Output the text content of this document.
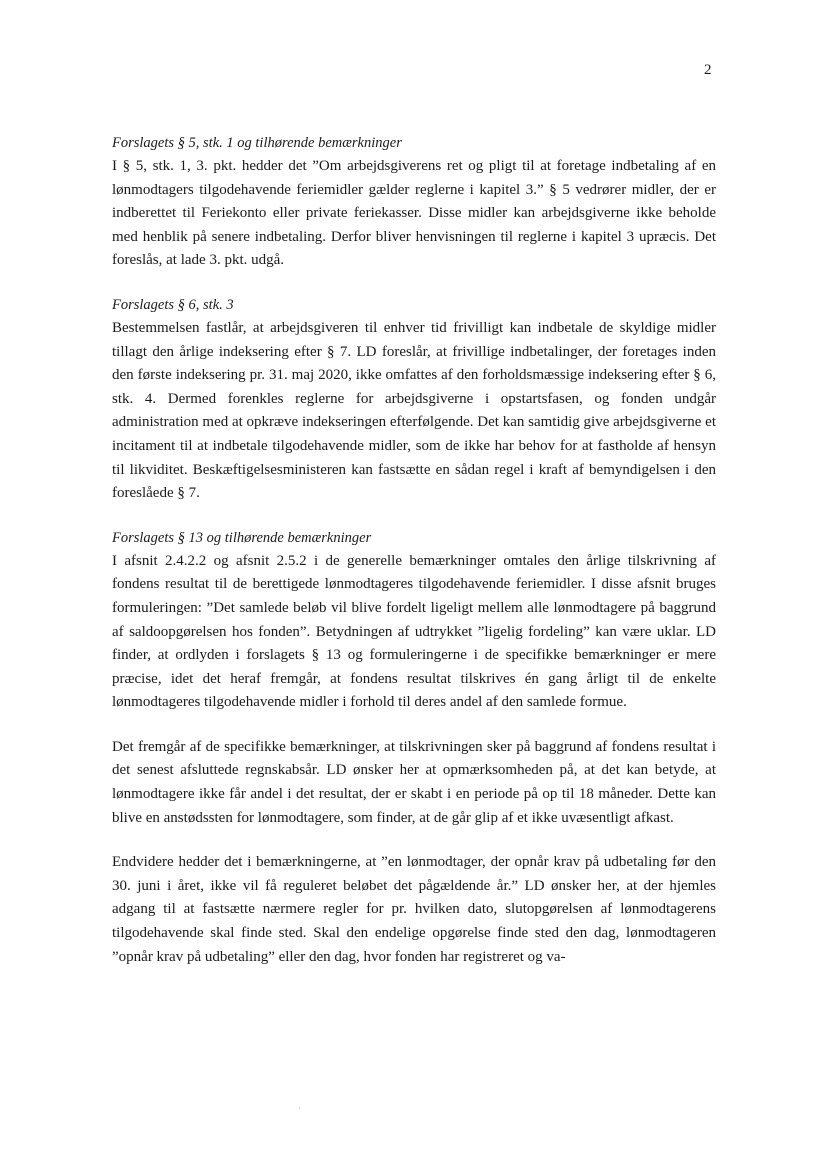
2

Forslagets § 5, stk. 1 og tilhørende bemærkninger

I § 5, stk. 1, 3. pkt. hedder det ”Om arbejdsgiverens ret og pligt til at foretage indbetaling af en lønmodtagers tilgodehavende feriemidler gælder reglerne i kapitel 3.” § 5 vedrører midler, der er indberettet til Feriekonto eller private feriekasser. Disse midler kan arbejdsgiverne ikke beholde med henblik på senere indbetaling. Derfor bliver henvisningen til reglerne i kapitel 3 upræcis. Det foreslås, at lade 3. pkt. udgå.

Forslagets § 6, stk. 3

Bestemmelsen fastlår, at arbejdsgiveren til enhver tid frivilligt kan indbetale de skyldige midler tillagt den årlige indeksering efter § 7. LD foreslår, at frivillige indbetalinger, der foretages inden den første indeksering pr. 31. maj 2020, ikke omfattes af den forholdsmæssige indeksering efter § 6, stk. 4. Dermed forenkles reglerne for arbejdsgiverne i opstartsfasen, og fonden undgår administration med at opkræve indekseringen efterfølgende. Det kan samtidig give arbejdsgiverne et incitament til at indbetale tilgodehavende midler, som de ikke har behov for at fastholde af hensyn til likviditet. Beskæftigelsesministeren kan fastsætte en sådan regel i kraft af bemyndigelsen i den foreslåede § 7.

Forslagets § 13 og tilhørende bemærkninger

I afsnit 2.4.2.2 og afsnit 2.5.2 i de generelle bemærkninger omtales den årlige tilskrivning af fondens resultat til de berettigede lønmodtageres tilgodehavende feriemidler. I disse afsnit bruges formuleringen: ”Det samlede beløb vil blive fordelt ligeligt mellem alle lønmodtagere på baggrund af saldoopgørelsen hos fonden”. Betydningen af udtrykket ”ligelig fordeling” kan være uklar. LD finder, at ordlyden i forslagets § 13 og formuleringerne i de specifikke bemærkninger er mere præcise, idet det heraf fremgår, at fondens resultat tilskrives én gang årligt til de enkelte lønmodtageres tilgodehavende midler i forhold til deres andel af den samlede formue.

Det fremgår af de specifikke bemærkninger, at tilskrivningen sker på baggrund af fondens resultat i det senest afsluttede regnskabsår. LD ønsker her at opmærksomheden på, at det kan betyde, at lønmodtagere ikke får andel i det resultat, der er skabt i en periode på op til 18 måneder. Dette kan blive en anstødssten for lønmodtagere, som finder, at de går glip af et ikke uvæsentligt afkast.

Endvidere hedder det i bemærkningerne, at ”en lønmodtager, der opnår krav på udbetaling før den 30. juni i året, ikke vil få reguleret beløbet det pågældende år.” LD ønsker her, at der hjemles adgang til at fastsætte nærmere regler for pr. hvilken dato, slutopgørelsen af lønmodtagerens tilgodehavende skal finde sted. Skal den endelige opgørelse finde sted den dag, lønmodtageren ”opnår krav på udbetaling” eller den dag, hvor fonden har registreret og va-

·
